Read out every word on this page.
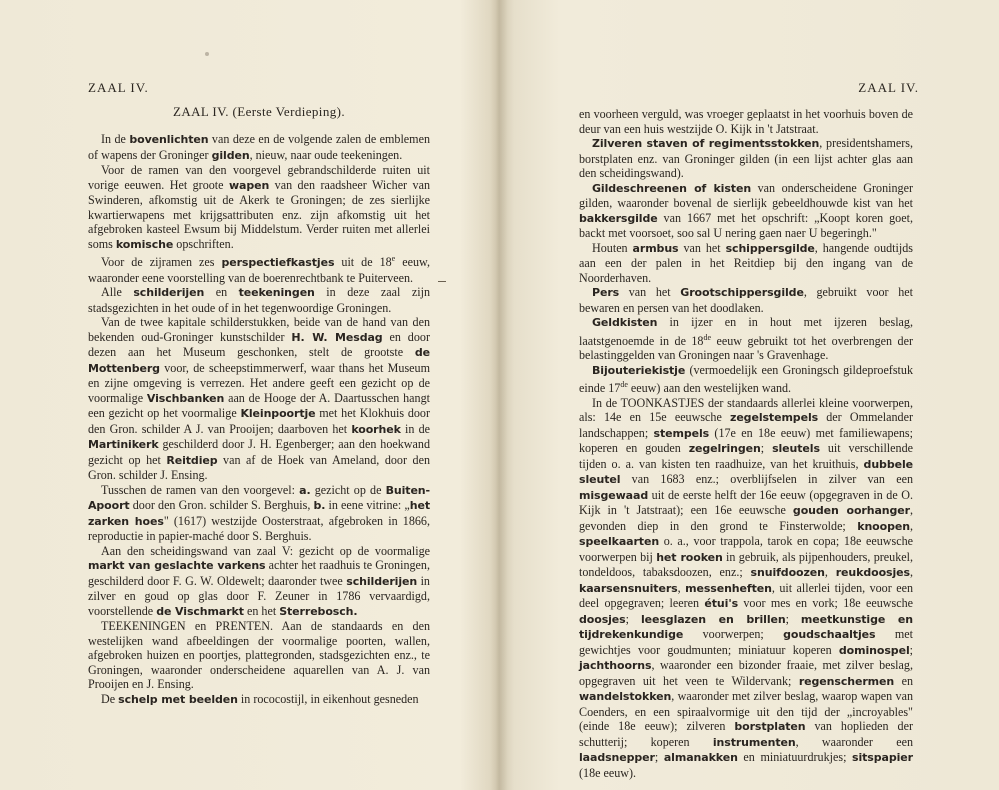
ZAAL IV.
ZAAL IV. (Eerste Verdieping).

In de bovenlichten van deze en de volgende zalen de emblemen of wapens der Groninger gilden, nieuw, naar oude teekeningen.

Voor de ramen van den voorgevel gebrandschilderde ruiten uit vorige eeuwen. Het groote wapen van den raadsheer Wicher van Swinderen, afkomstig uit de Akerk te Groningen; de zes sierlijke kwartierwapens met krijgsattributen enz. zijn afkomstig uit het afgebroken kasteel Ewsum bij Middelstum. Verder ruiten met allerlei soms komische opschriften.

Voor de zijramen zes perspectiefkastjes uit de 18e eeuw, waaronder eene voorstelling van de boerenrechtbank te Puiterveen.

Alle schilderijen en teekeningen in deze zaal zijn stadsgezichten in het oude of in het tegenwoordige Groningen.

Van de twee kapitale schilderstukken, beide van de hand van den bekenden oud-Groninger kunstschilder H. W. Mesdag en door dezen aan het Museum geschonken, stelt de grootste de Mottenberg voor, de scheepstimmerwerf, waar thans het Museum en zijne omgeving is verrezen. Het andere geeft een gezicht op de voormalige Vischbanken aan de Hooge der A. Daartusschen hangt een gezicht op het voormalige Kleinpoortje met het Klokhuis door den Gron. schilder A J. van Prooijen; daarboven het koorhek in de Martinikerk geschilderd door J. H. Egenberger; aan den hoekwand gezicht op het Reitdiep van af de Hoek van Ameland, door den Gron. schilder J. Ensing.

Tusschen de ramen van den voorgevel: a. gezicht op de Buiten-Apoort door den Gron. schilder S. Berghuis, b. in eene vitrine: „het zarken hoes" (1617) westzijde Oosterstraat, afgebroken in 1866, reproductie in papier-maché door S. Berghuis.

Aan den scheidingswand van zaal V: gezicht op de voormalige markt van geslachte varkens achter het raadhuis te Groningen, geschilderd door F. G. W. Oldewelt; daaronder twee schilderijen in zilver en goud op glas door F. Zeuner in 1786 vervaardigd, voorstellende de Vischmarkt en het Sterrebosch.

TEEKENINGEN en PRENTEN. Aan de standaards en den westelijken wand afbeeldingen der voormalige poorten, wallen, afgebroken huizen en poortjes, plattegronden, stadsgezichten enz., te Groningen, waaronder onderscheidene aquarellen van A. J. van Prooijen en J. Ensing.

De schelp met beelden in rococostijl, in eikenhout gesneden

ZAAL IV.

en voorheen verguld, was vroeger geplaatst in het voorhuis boven de deur van een huis westzijde O. Kijk in 't Jatstraat.

Zilveren staven of regimentsstokken, presidentshamers, borstplaten enz. van Groninger gilden (in een lijst achter glas aan den scheidingswand).

Gildeschreenen of kisten van onderscheidene Groninger gilden, waaronder bovenal de sierlijk gebeeldhouwde kist van het bakkersgilde van 1667 met het opschrift: „Koopt koren goet, backt met voorsoet, soo sal U nering gaen naer U begeringh."

Houten armbus van het schippersgilde, hangende oudtijds aan een der palen in het Reitdiep bij den ingang van de Noorderhaven.

Pers van het Grootschippersgilde, gebruikt voor het bewaren en persen van het doodlaken.

Geldkisten in ijzer en in hout met ijzeren beslag, laatstgenoemde in de 18de eeuw gebruikt tot het overbrengen der belastinggelden van Groningen naar 's Gravenhage.

Bijouteriekistje (vermoedelijk een Groningsch gildeproefstuk einde 17de eeuw) aan den westelijken wand.

In de TOONKASTJES der standaards allerlei kleine voorwerpen, als: 14e en 15e eeuwsche zegelstempels der Ommelander landschappen; stempels (17e en 18e eeuw) met familiewapens; koperen en gouden zegelringen; sleutels uit verschillende tijden o. a. van kisten ten raadhuize, van het kruithuis, dubbele sleutel van 1683 enz.; overblijfselen in zilver van een misgewaad uit de eerste helft der 16e eeuw (opgegraven in de O. Kijk in 't Jatstraat); een 16e eeuwsche gouden oorhanger, gevonden diep in den grond te Finsterwolde; knoopen, speelkaarten o. a., voor trappola, tarok en copa; 18e eeuwsche voorwerpen bij het rooken in gebruik, als pijpenhouders, preukel, tondeldoos, tabaksdoozen, enz.; snuifdoozen, reukdoosjes, kaarsensnuiters, messenheften, uit allerlei tijden, voor een deel opgegraven; leeren étui's voor mes en vork; 18e eeuwsche doosjes; leesglazen en brillen; meetkunstige en tijdrekenkundige voorwerpen; goudschaaltjes met gewichtjes voor goudmunten; miniatuur koperen dominospel; jachthoorns, waaronder een bizonder fraaie, met zilver beslag, opgegraven uit het veen te Wildervank; regenschermen en wandelstokken, waaronder met zilver beslag, waarop wapen van Coenders, en een spiraalvormige uit den tijd der „incroyables" (einde 18e eeuw); zilveren borstplaten van hoplieden der schutterij; koperen instrumenten, waaronder een laadsnepper; almanakken en miniatuurdrukjes; sitspapier (18e eeuw).
